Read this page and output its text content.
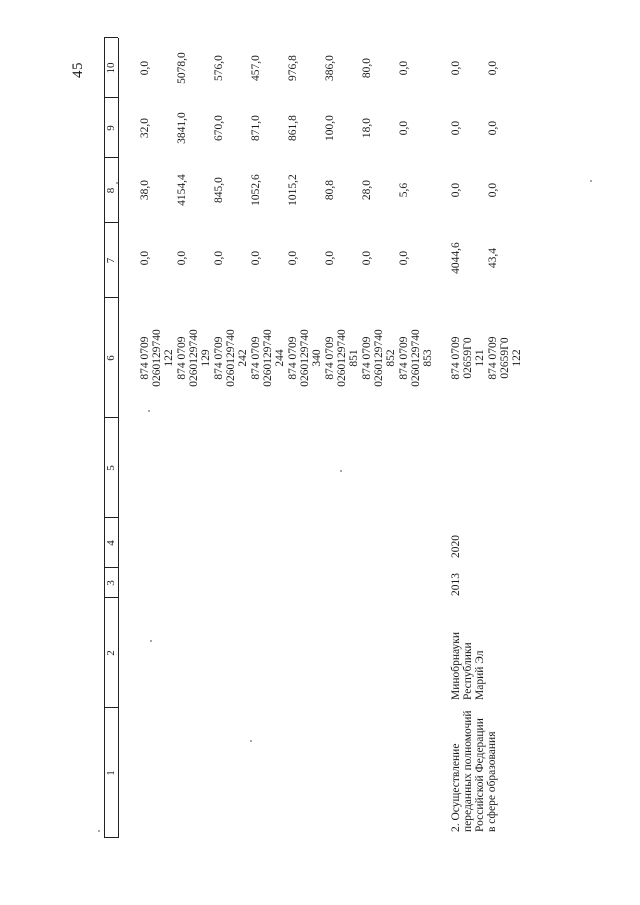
45
1
2
3
4
5
6
7
8
9
10
874 0709 0260129740 122
0,0
38,0
32,0
0,0
874 0709 0260129740 129
0,0
4154,4
3841,0
5078,0
874 0709 0260129740 242
0,0
845,0
670,0
576,0
874 0709 0260129740 244
0,0
1052,6
871,0
457,0
874 0709 0260129740 340
0,0
1015,2
861,8
976,8
874 0709 0260129740 851
0,0
80,8
100,0
386,0
874 0709 0260129740 852
0,0
28,0
18,0
80,0
874 0709 0260129740 853
0,0
5,6
0,0
0,0
2. Осуществление переданных полномочий Российской Федерации в сфере образования
Минобрнауки Республики Марий Эл
2013
2020
874 0709 02659Г0 121
4044,6
0,0
0,0
0,0
874 0709 02659Г0 122
43,4
0,0
0,0
0,0
